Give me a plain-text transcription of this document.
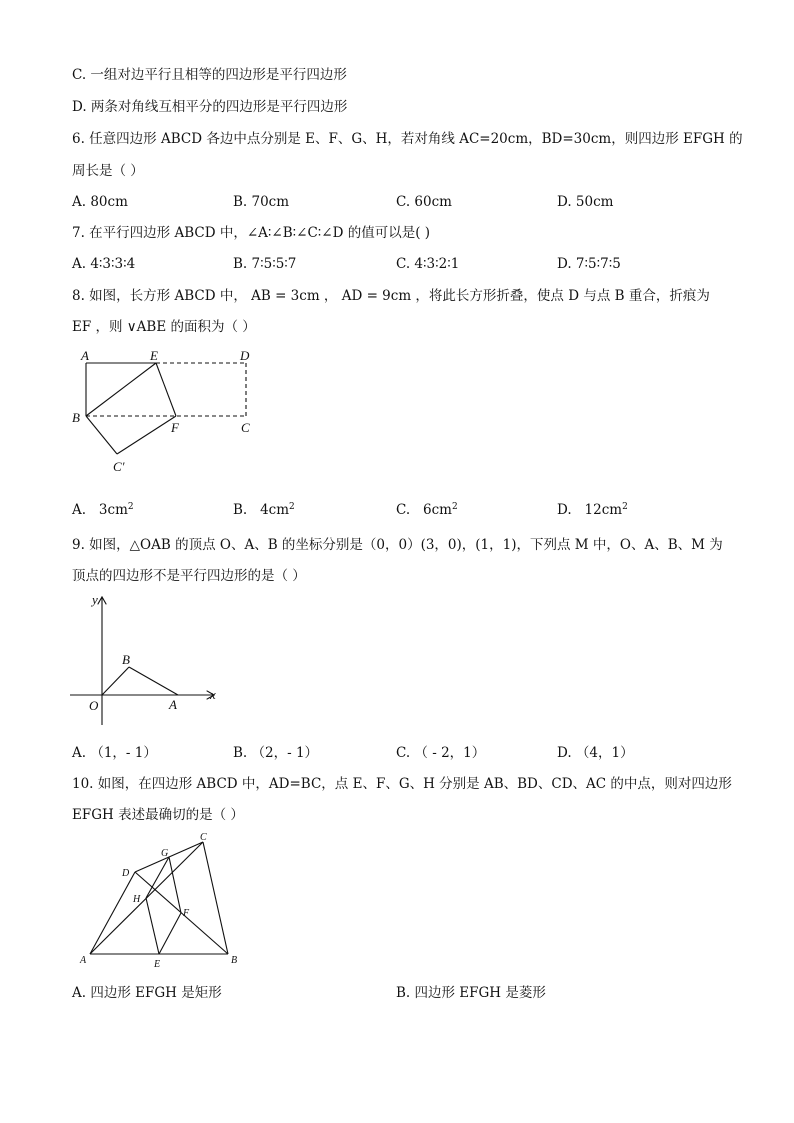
C. 一组对边平行且相等的四边形是平行四边形
D. 两条对角线互相平分的四边形是平行四边形
6. 任意四边形 ABCD 各边中点分别是 E、F、G、H，若对角线 AC=20cm，BD=30cm，则四边形 EFGH 的
周长是（ ）
A. 80cm	B. 70cm	C. 60cm	D. 50cm
7. 在平行四边形 ABCD 中，∠A∶∠B∶∠C∶∠D 的值可以是( )
A. 4∶3∶3∶4	B. 7∶5∶5∶7	C. 4∶3∶2∶1	D. 7∶5∶7∶5
8. 如图，长方形 ABCD 中， AB = 3cm ， AD = 9cm ，将此长方形折叠，使点 D 与点 B 重合，折痕为
EF ，则 ∨ABE 的面积为（ ）
A	E	D
B
F	C
C′
A. $3cm^2$	B. $4cm^2$	C. $6cm^2$	D. $12cm^2$
9. 如图，△OAB 的顶点 O、A、B 的坐标分别是（0，0）(3，0)，(1，1)，下列点 M 中，O、A、B、M 为
顶点的四边形不是平行四边形的是（ ）
y
x
O	A
B
A. （1，- 1）	B. （2，- 1）	C. （ - 2，1）	D. （4，1）
10. 如图，在四边形 ABCD 中，AD=BC，点 E、F、G、H 分别是 AB、BD、CD、AC 的中点，则对四边形
EFGH 表述最确切的是（ ）
A	B
C
D
E
F
G
H
A. 四边形 EFGH 是矩形	B. 四边形 EFGH 是菱形
